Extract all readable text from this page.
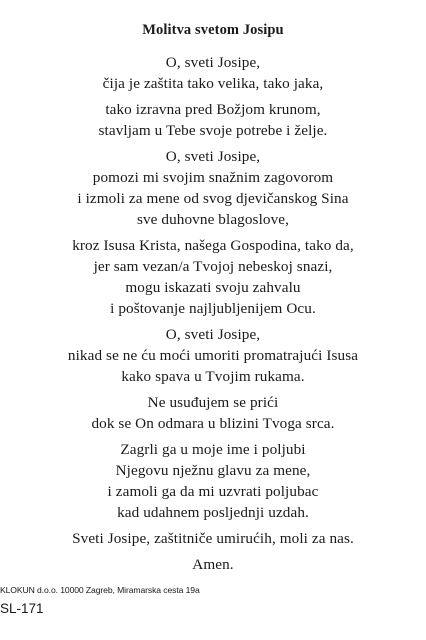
Molitva svetom Josipu
O, sveti Josipe,
čija je zaštita tako velika, tako jaka,
tako izravna pred Božjom krunom,
stavljam u Tebe svoje potrebe i želje.
O, sveti Josipe,
pomozi mi svojim snažnim zagovorom
i izmoli za mene od svog djevičanskog Sina
sve duhovne blagoslove,
kroz Isusa Krista, našega Gospodina, tako da,
jer sam vezan/a Tvojoj nebeskoj snazi,
mogu iskazati svoju zahvalu
i poštovanje najljubljenijem Ocu.
O, sveti Josipe,
nikad se ne ću moći umoriti promatrajući Isusa
kako spava u Tvojim rukama.
Ne usuđujem se prići
dok se On odmara u blizini Tvoga srca.
Zagrli ga u moje ime i poljubi
Njegovu nježnu glavu za mene,
i zamoli ga da mi uzvrati poljubac
kad udahnem posljednji uzdah.
Sveti Josipe, zaštitniče umirućih, moli za nas.
Amen.
KLOKUN d.o.o. 10000 Zagreb, Miramarska cesta 19a
SL-171
